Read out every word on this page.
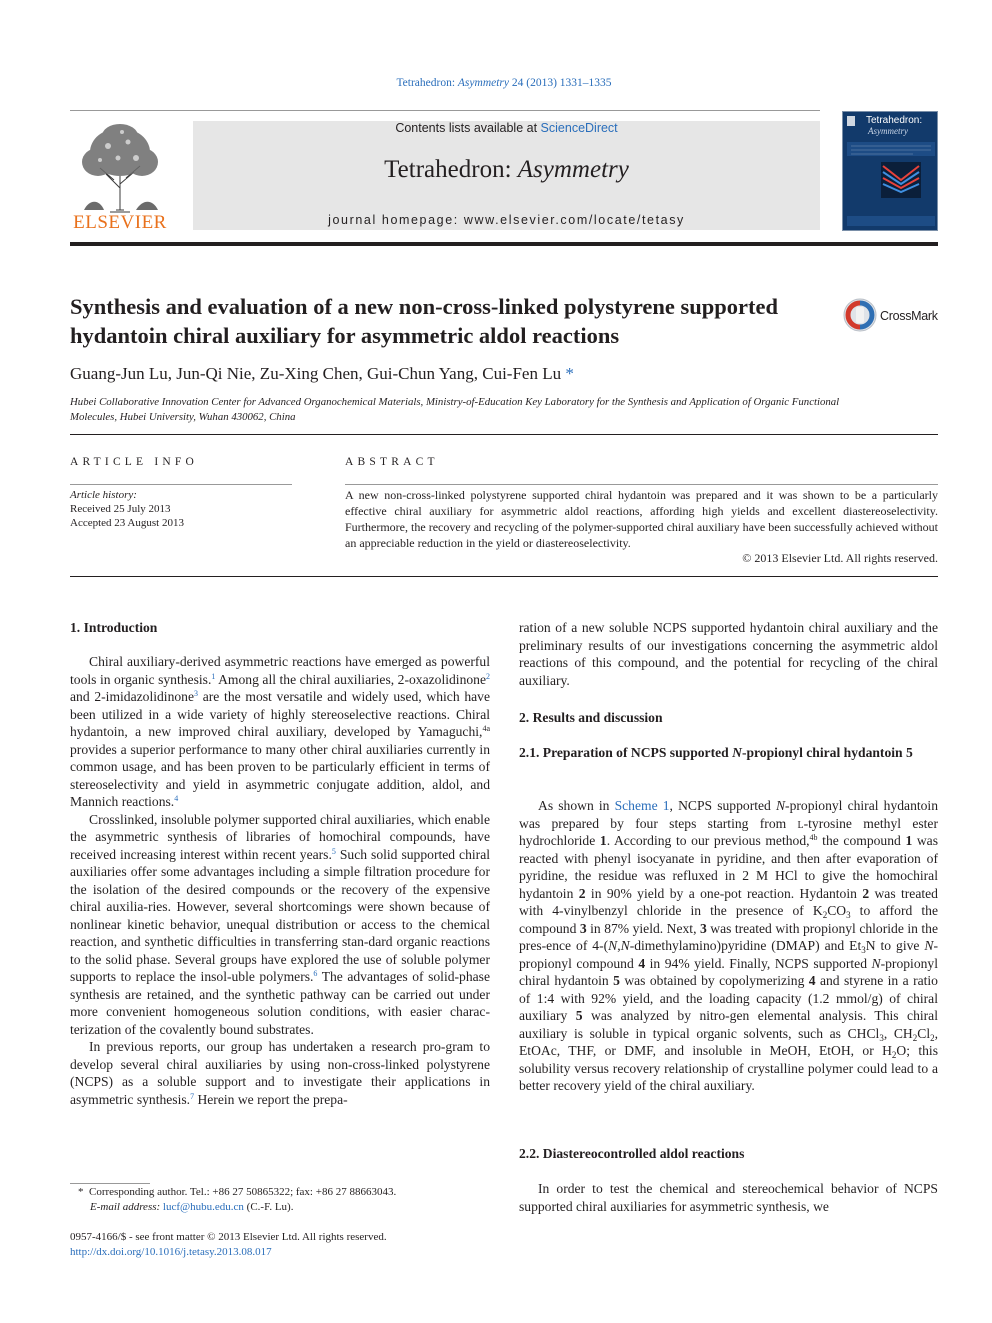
Tetrahedron: Asymmetry 24 (2013) 1331–1335
ELSEVIER
Contents lists available at ScienceDirect
Tetrahedron: Asymmetry
journal homepage: www.elsevier.com/locate/tetasy
Tetrahedron:
Asymmetry
Synthesis and evaluation of a new non-cross-linked polystyrene supported hydantoin chiral auxiliary for asymmetric aldol reactions
CrossMark
Guang-Jun Lu, Jun-Qi Nie, Zu-Xing Chen, Gui-Chun Yang, Cui-Fen Lu *
Hubei Collaborative Innovation Center for Advanced Organochemical Materials, Ministry-of-Education Key Laboratory for the Synthesis and Application of Organic Functional Molecules, Hubei University, Wuhan 430062, China
ARTICLE INFO
Article history:
Received 25 July 2013
Accepted 23 August 2013
ABSTRACT
A new non-cross-linked polystyrene supported chiral hydantoin was prepared and it was shown to be a particularly effective chiral auxiliary for asymmetric aldol reactions, affording high yields and excellent diastereoselectivity. Furthermore, the recovery and recycling of the polymer-supported chiral auxiliary have been successfully achieved without an appreciable reduction in the yield or diastereoselectivity.
© 2013 Elsevier Ltd. All rights reserved.
1. Introduction

Chiral auxiliary-derived asymmetric reactions have emerged as powerful tools in organic synthesis.$^1$ Among all the chiral auxiliaries, 2-oxazolidinone$^2$ and 2-imidazolidinone$^3$ are the most versatile and widely used, which have been utilized in a wide variety of highly stereoselective reactions. Chiral hydantoin, a new improved chiral auxiliary, developed by Yamaguchi,$^{4a}$ provides a superior performance to many other chiral auxiliaries currently in common usage, and has been proven to be particularly efficient in terms of stereoselectivity and yield in asymmetric conjugate addition, aldol, and Mannich reactions.$^4$

Crosslinked, insoluble polymer supported chiral auxiliaries, which enable the asymmetric synthesis of libraries of homochiral compounds, have received increasing interest within recent years.$^5$ Such solid supported chiral auxiliaries offer some advantages including a simple filtration procedure for the isolation of the desired compounds or the recovery of the expensive chiral auxilia-ries. However, several shortcomings were shown because of nonlinear kinetic behavior, unequal distribution or access to the chemical reaction, and synthetic difficulties in transferring stan-dard organic reactions to the solid phase. Several groups have explored the use of soluble polymer supports to replace the insol-uble polymers.$^6$ The advantages of solid-phase synthesis are retained, and the synthetic pathway can be carried out under more convenient homogeneous solution conditions, with easier charac-terization of the covalently bound substrates.

In previous reports, our group has undertaken a research pro-gram to develop several chiral auxiliaries by using non-cross-linked polystyrene (NCPS) as a soluble support and to investigate their applications in asymmetric synthesis.$^7$ Herein we report the prepa-

ration of a new soluble NCPS supported hydantoin chiral auxiliary and the preliminary results of our investigations concerning the asymmetric aldol reactions of this compound, and the potential for recycling of the chiral auxiliary.

2. Results and discussion
2.1. Preparation of NCPS supported N-propionyl chiral hydantoin 5

As shown in Scheme 1, NCPS supported N-propionyl chiral hydantoin was prepared by four steps starting from l-tyrosine methyl ester hydrochloride 1. According to our previous method,$^{4b}$ the compound 1 was reacted with phenyl isocyanate in pyridine, and then after evaporation of pyridine, the residue was refluxed in 2 M HCl to give the homochiral hydantoin 2 in 90% yield by a one-pot reaction. Hydantoin 2 was treated with 4-vinylbenzyl chloride in the presence of $K_2CO_3$ to afford the compound 3 in 87% yield. Next, 3 was treated with propionyl chloride in the pres-ence of 4-(N,N-dimethylamino)pyridine (DMAP) and $Et_3N$ to give N-propionyl compound 4 in 94% yield. Finally, NCPS supported N-propionyl chiral hydantoin 5 was obtained by copolymerizing 4 and styrene in a ratio of 1:4 with 92% yield, and the loading capacity (1.2 mmol/g) of chiral auxiliary 5 was analyzed by nitro-gen elemental analysis. This chiral auxiliary is soluble in typical organic solvents, such as CHCl$_3$, $CH_2Cl_2$, EtOAc, THF, or DMF, and insoluble in MeOH, EtOH, or $H_2O$; this solubility versus recovery relationship of crystalline polymer could lead to a better recovery yield of the chiral auxiliary.

2.2. Diastereocontrolled aldol reactions

In order to test the chemical and stereochemical behavior of NCPS supported chiral auxiliaries for asymmetric synthesis, we

* Corresponding author. Tel.: +86 27 50865322; fax: +86 27 88663043.
E-mail address: lucf@hubu.edu.cn (C.-F. Lu).
0957-4166/$ - see front matter © 2013 Elsevier Ltd. All rights reserved.
http://dx.doi.org/10.1016/j.tetasy.2013.08.017
